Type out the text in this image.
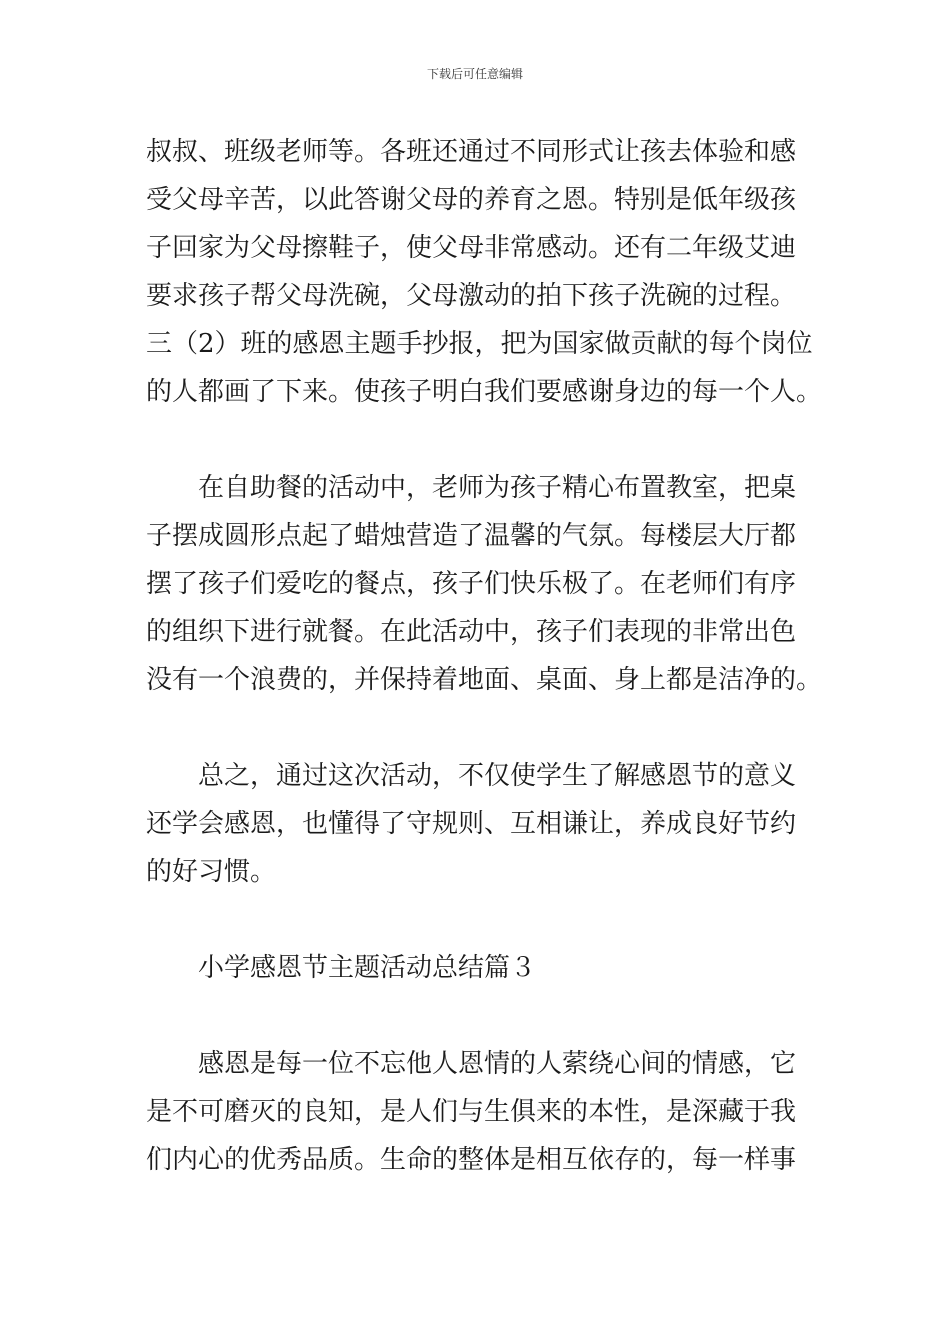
下载后可任意编辑
叔叔、班级老师等。各班还通过不同形式让孩去体验和感
受父母辛苦，以此答谢父母的养育之恩。特别是低年级孩
子回家为父母擦鞋子，使父母非常感动。还有二年级艾迪
要求孩子帮父母洗碗，父母激动的拍下孩子洗碗的过程。
三（2）班的感恩主题手抄报，把为国家做贡献的每个岗位
的人都画了下来。使孩子明白我们要感谢身边的每一个人。
在自助餐的活动中，老师为孩子精心布置教室，把桌
子摆成圆形点起了蜡烛营造了温馨的气氛。每楼层大厅都
摆了孩子们爱吃的餐点，孩子们快乐极了。在老师们有序
的组织下进行就餐。在此活动中，孩子们表现的非常出色
没有一个浪费的，并保持着地面、桌面、身上都是洁净的。
总之，通过这次活动，不仅使学生了解感恩节的意义
还学会感恩，也懂得了守规则、互相谦让，养成良好节约
的好习惯。
小学感恩节主题活动总结篇３
感恩是每一位不忘他人恩情的人萦绕心间的情感，它
是不可磨灭的良知，是人们与生俱来的本性，是深藏于我
们内心的优秀品质。生命的整体是相互依存的，每一样事
